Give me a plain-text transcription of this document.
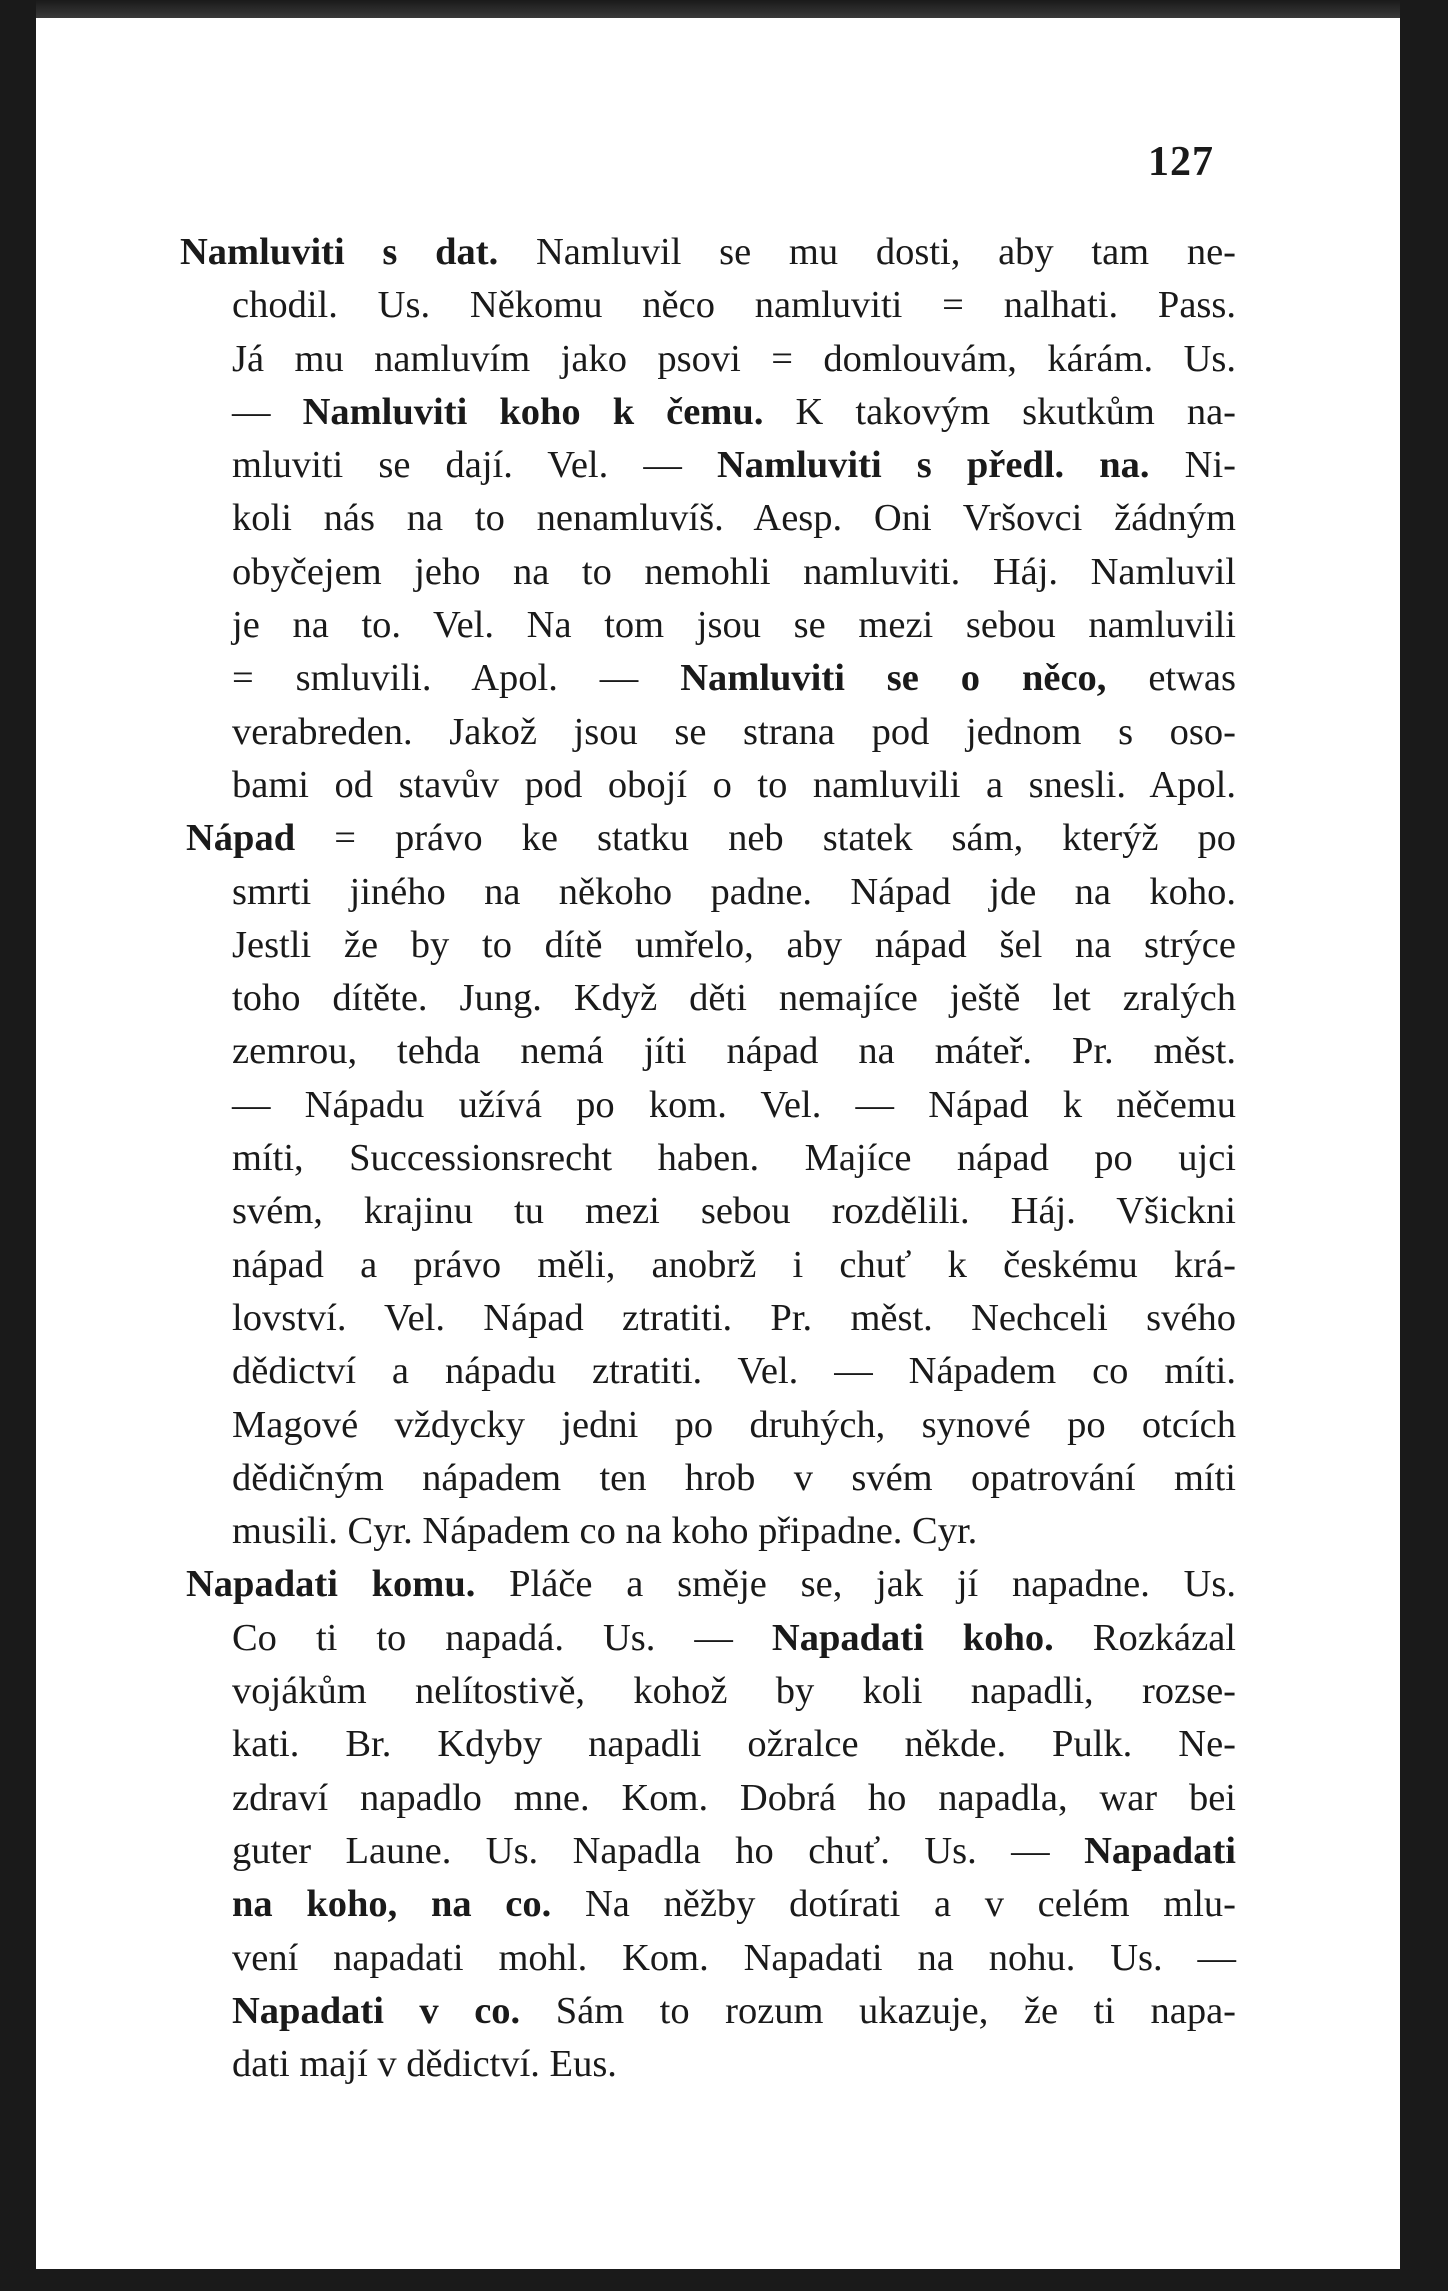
127
Namluviti s dat. Namluvil se mu dosti, aby tam ne-
chodil. Us. Někomu něco namluviti = nalhati. Pass.
Já mu namluvím jako psovi = domlouvám, kárám. Us.
— Namluviti koho k čemu. K takovým skutkům na-
mluviti se dají. Vel. — Namluviti s předl. na. Ni-
koli nás na to nenamluvíš. Aesp. Oni Vršovci žádným
obyčejem jeho na to nemohli namluviti. Háj. Namluvil
je na to. Vel. Na tom jsou se mezi sebou namluvili
= smluvili. Apol. — Namluviti se o něco, etwas
verabreden. Jakož jsou se strana pod jednom s oso-
bami od stavův pod obojí o to namluvili a snesli. Apol.
Nápad = právo ke statku neb statek sám, kterýž po
smrti jiného na někoho padne. Nápad jde na koho.
Jestli že by to dítě umřelo, aby nápad šel na strýce
toho dítěte. Jung. Když děti nemajíce ještě let zralých
zemrou, tehda nemá jíti nápad na máteř. Pr. měst.
— Nápadu užívá po kom. Vel. — Nápad k něčemu
míti, Successionsrecht haben. Majíce nápad po ujci
svém, krajinu tu mezi sebou rozdělili. Háj. Všickni
nápad a právo měli, anobrž i chuť k českému krá-
lovství. Vel. Nápad ztratiti. Pr. měst. Nechceli svého
dědictví a nápadu ztratiti. Vel. — Nápadem co míti.
Magové vždycky jedni po druhých, synové po otcích
dědičným nápadem ten hrob v svém opatrování míti
musili. Cyr. Nápadem co na koho připadne. Cyr.
Napadati komu. Pláče a směje se, jak jí napadne. Us.
Co ti to napadá. Us. — Napadati koho. Rozkázal
vojákům nelítostivě, kohož by koli napadli, rozse-
kati. Br. Kdyby napadli ožralce někde. Pulk. Ne-
zdraví napadlo mne. Kom. Dobrá ho napadla, war bei
guter Laune. Us. Napadla ho chuť. Us. — Napadati
na koho, na co. Na něžby dotírati a v celém mlu-
vení napadati mohl. Kom. Napadati na nohu. Us. —
Napadati v co. Sám to rozum ukazuje, že ti napa-
dati mají v dědictví. Eus.
